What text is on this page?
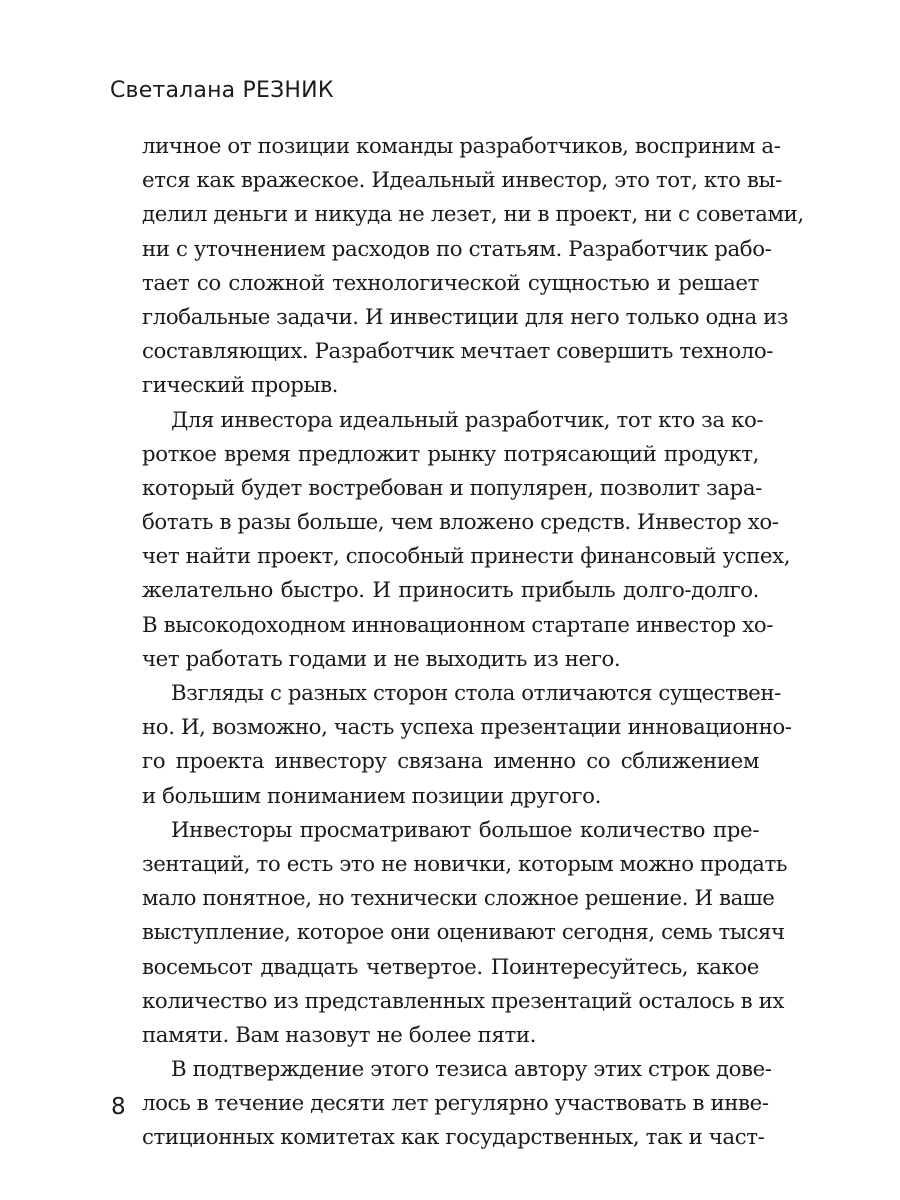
Светалана РЕЗНИК
личное от позиции команды разработчиков, восприним а-
ется как вражеское. Идеальный инвестор, это тот, кто вы-
делил деньги и никуда не лезет, ни в проект, ни с советами,
ни с уточнением расходов по статьям. Разработчик рабо-
тает со сложной технологической сущностью и решает
глобальные задачи. И инвестиции для него только одна из
составляющих. Разработчик мечтает совершить техноло-
гический прорыв.
Для инвестора идеальный разработчик, тот кто за ко-
роткое время предложит рынку потрясающий продукт,
который будет востребован и популярен, позволит зара-
ботать в разы больше, чем вложено средств. Инвестор хо-
чет найти проект, способный принести финансовый успех,
желательно быстро. И приносить прибыль долго-долго.
В высокодоходном инновационном стартапе инвестор хо-
чет работать годами и не выходить из него.
Взгляды с разных сторон стола отличаются существен-
но. И, возможно, часть успеха презентации инновационно-
го проекта инвестору связана именно со сближением
и большим пониманием позиции другого.
Инвесторы просматривают большое количество пре-
зентаций, то есть это не новички, которым можно продать
мало понятное, но технически сложное решение. И ваше
выступление, которое они оценивают сегодня, семь тысяч
восемьсот двадцать четвертое. Поинтересуйтесь, какое
количество из представленных презентаций осталось в их
памяти. Вам назовут не более пяти.
В подтверждение этого тезиса автору этих строк дове-
лось в течение десяти лет регулярно участвовать в инве-
стиционных комитетах как государственных, так и част-
8
